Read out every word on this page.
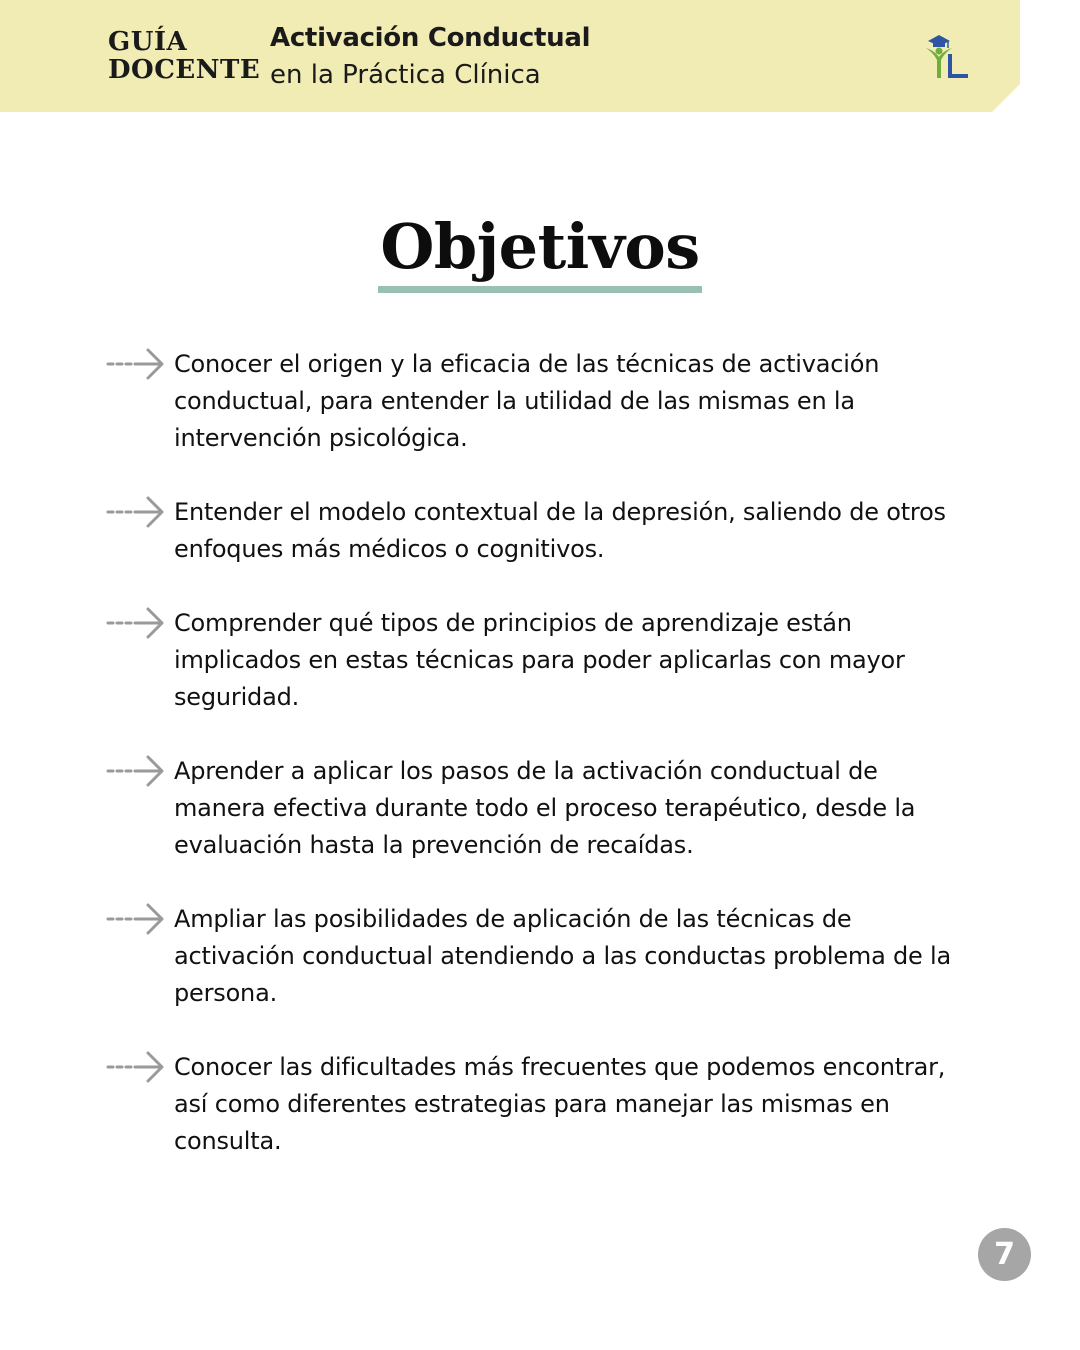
GUÍA
DOCENTE
Activación Conductual
en la Práctica Clínica
Objetivos
Conocer el origen y la eficacia de las técnicas de activación conductual, para entender la utilidad de las mismas en la intervención psicológica.
Entender el modelo contextual de la depresión, saliendo de otros enfoques más médicos o cognitivos.
Comprender qué tipos de principios de aprendizaje están implicados en estas técnicas para poder aplicarlas con mayor seguridad.
Aprender a aplicar los pasos de la activación conductual de manera efectiva durante todo el proceso terapéutico, desde la evaluación hasta la prevención de recaídas.
Ampliar las posibilidades de aplicación de las técnicas de activación conductual atendiendo a las conductas problema de la persona.
Conocer las dificultades más frecuentes que podemos encontrar, así como diferentes estrategias para manejar las mismas en consulta.
7
